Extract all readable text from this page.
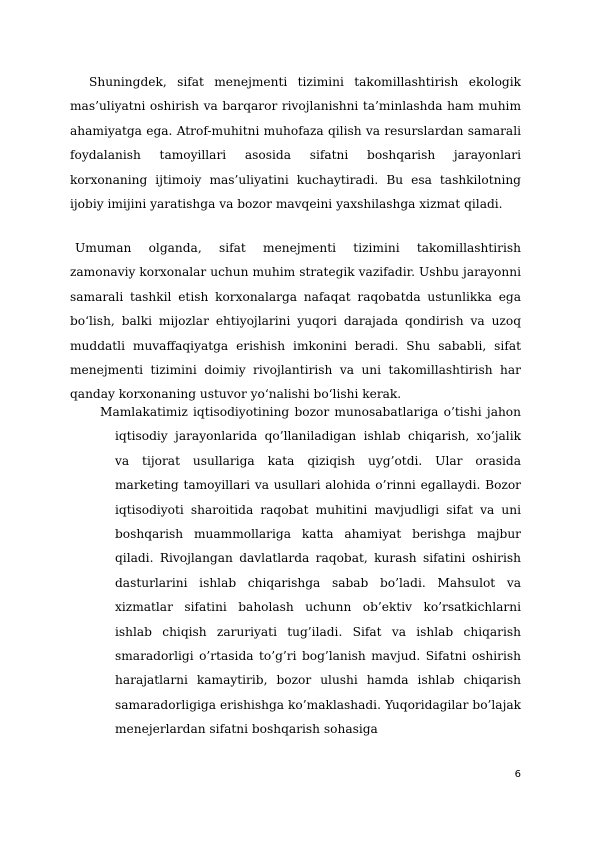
Shuningdek, sifat menejmenti tizimini takomillashtirish ekologik mas’uliyatni oshirish va barqaror rivojlanishni ta’minlashda ham muhim ahamiyatga ega. Atrof-muhitni muhofaza qilish va resurslardan samarali foydalanish tamoyillari asosida sifatni boshqarish jarayonlari korxonaning ijtimoiy mas’uliyatini kuchaytiradi. Bu esa tashkilotning ijobiy imijini yaratishga va bozor mavqeini yaxshilashga xizmat qiladi.

Umuman olganda, sifat menejmenti tizimini takomillashtirish zamonaviy korxonalar uchun muhim strategik vazifadir. Ushbu jarayonni samarali tashkil etish korxonalarga nafaqat raqobatda ustunlikka ega bo‘lish, balki mijozlar ehtiyojlarini yuqori darajada qondirish va uzoq muddatli muvaffaqiyatga erishish imkonini beradi. Shu sababli, sifat menejmenti tizimini doimiy rivojlantirish va uni takomillashtirish har qanday korxonaning ustuvor yo‘nalishi bo‘lishi kerak.

Mamlakatimiz iqtisodiyotining bozor munosabatlariga o’tishi jahon iqtisodiy jarayonlarida qo’llaniladigan ishlab chiqarish, xo’jalik va tijorat usullariga kata qiziqish uyg’otdi. Ular orasida marketing tamoyillari va usullari alohida o’rinni egallaydi. Bozor iqtisodiyoti sharoitida raqobat muhitini mavjudligi sifat va uni boshqarish muammollariga katta ahamiyat berishga majbur qiladi. Rivojlangan davlatlarda raqobat, kurash sifatini oshirish dasturlarini ishlab chiqarishga sabab bo’ladi. Mahsulot va xizmatlar sifatini baholash uchunn ob’ektiv ko’rsatkichlarni ishlab chiqish zaruriyati tug’iladi. Sifat va ishlab chiqarish smaradorligi o’rtasida to’g’ri bog’lanish mavjud. Sifatni oshirish harajatlarni kamaytirib, bozor ulushi hamda ishlab chiqarish samaradorligiga erishishga ko’maklashadi. Yuqoridagilar bo’lajak menejerlardan sifatni boshqarish sohasiga

6
